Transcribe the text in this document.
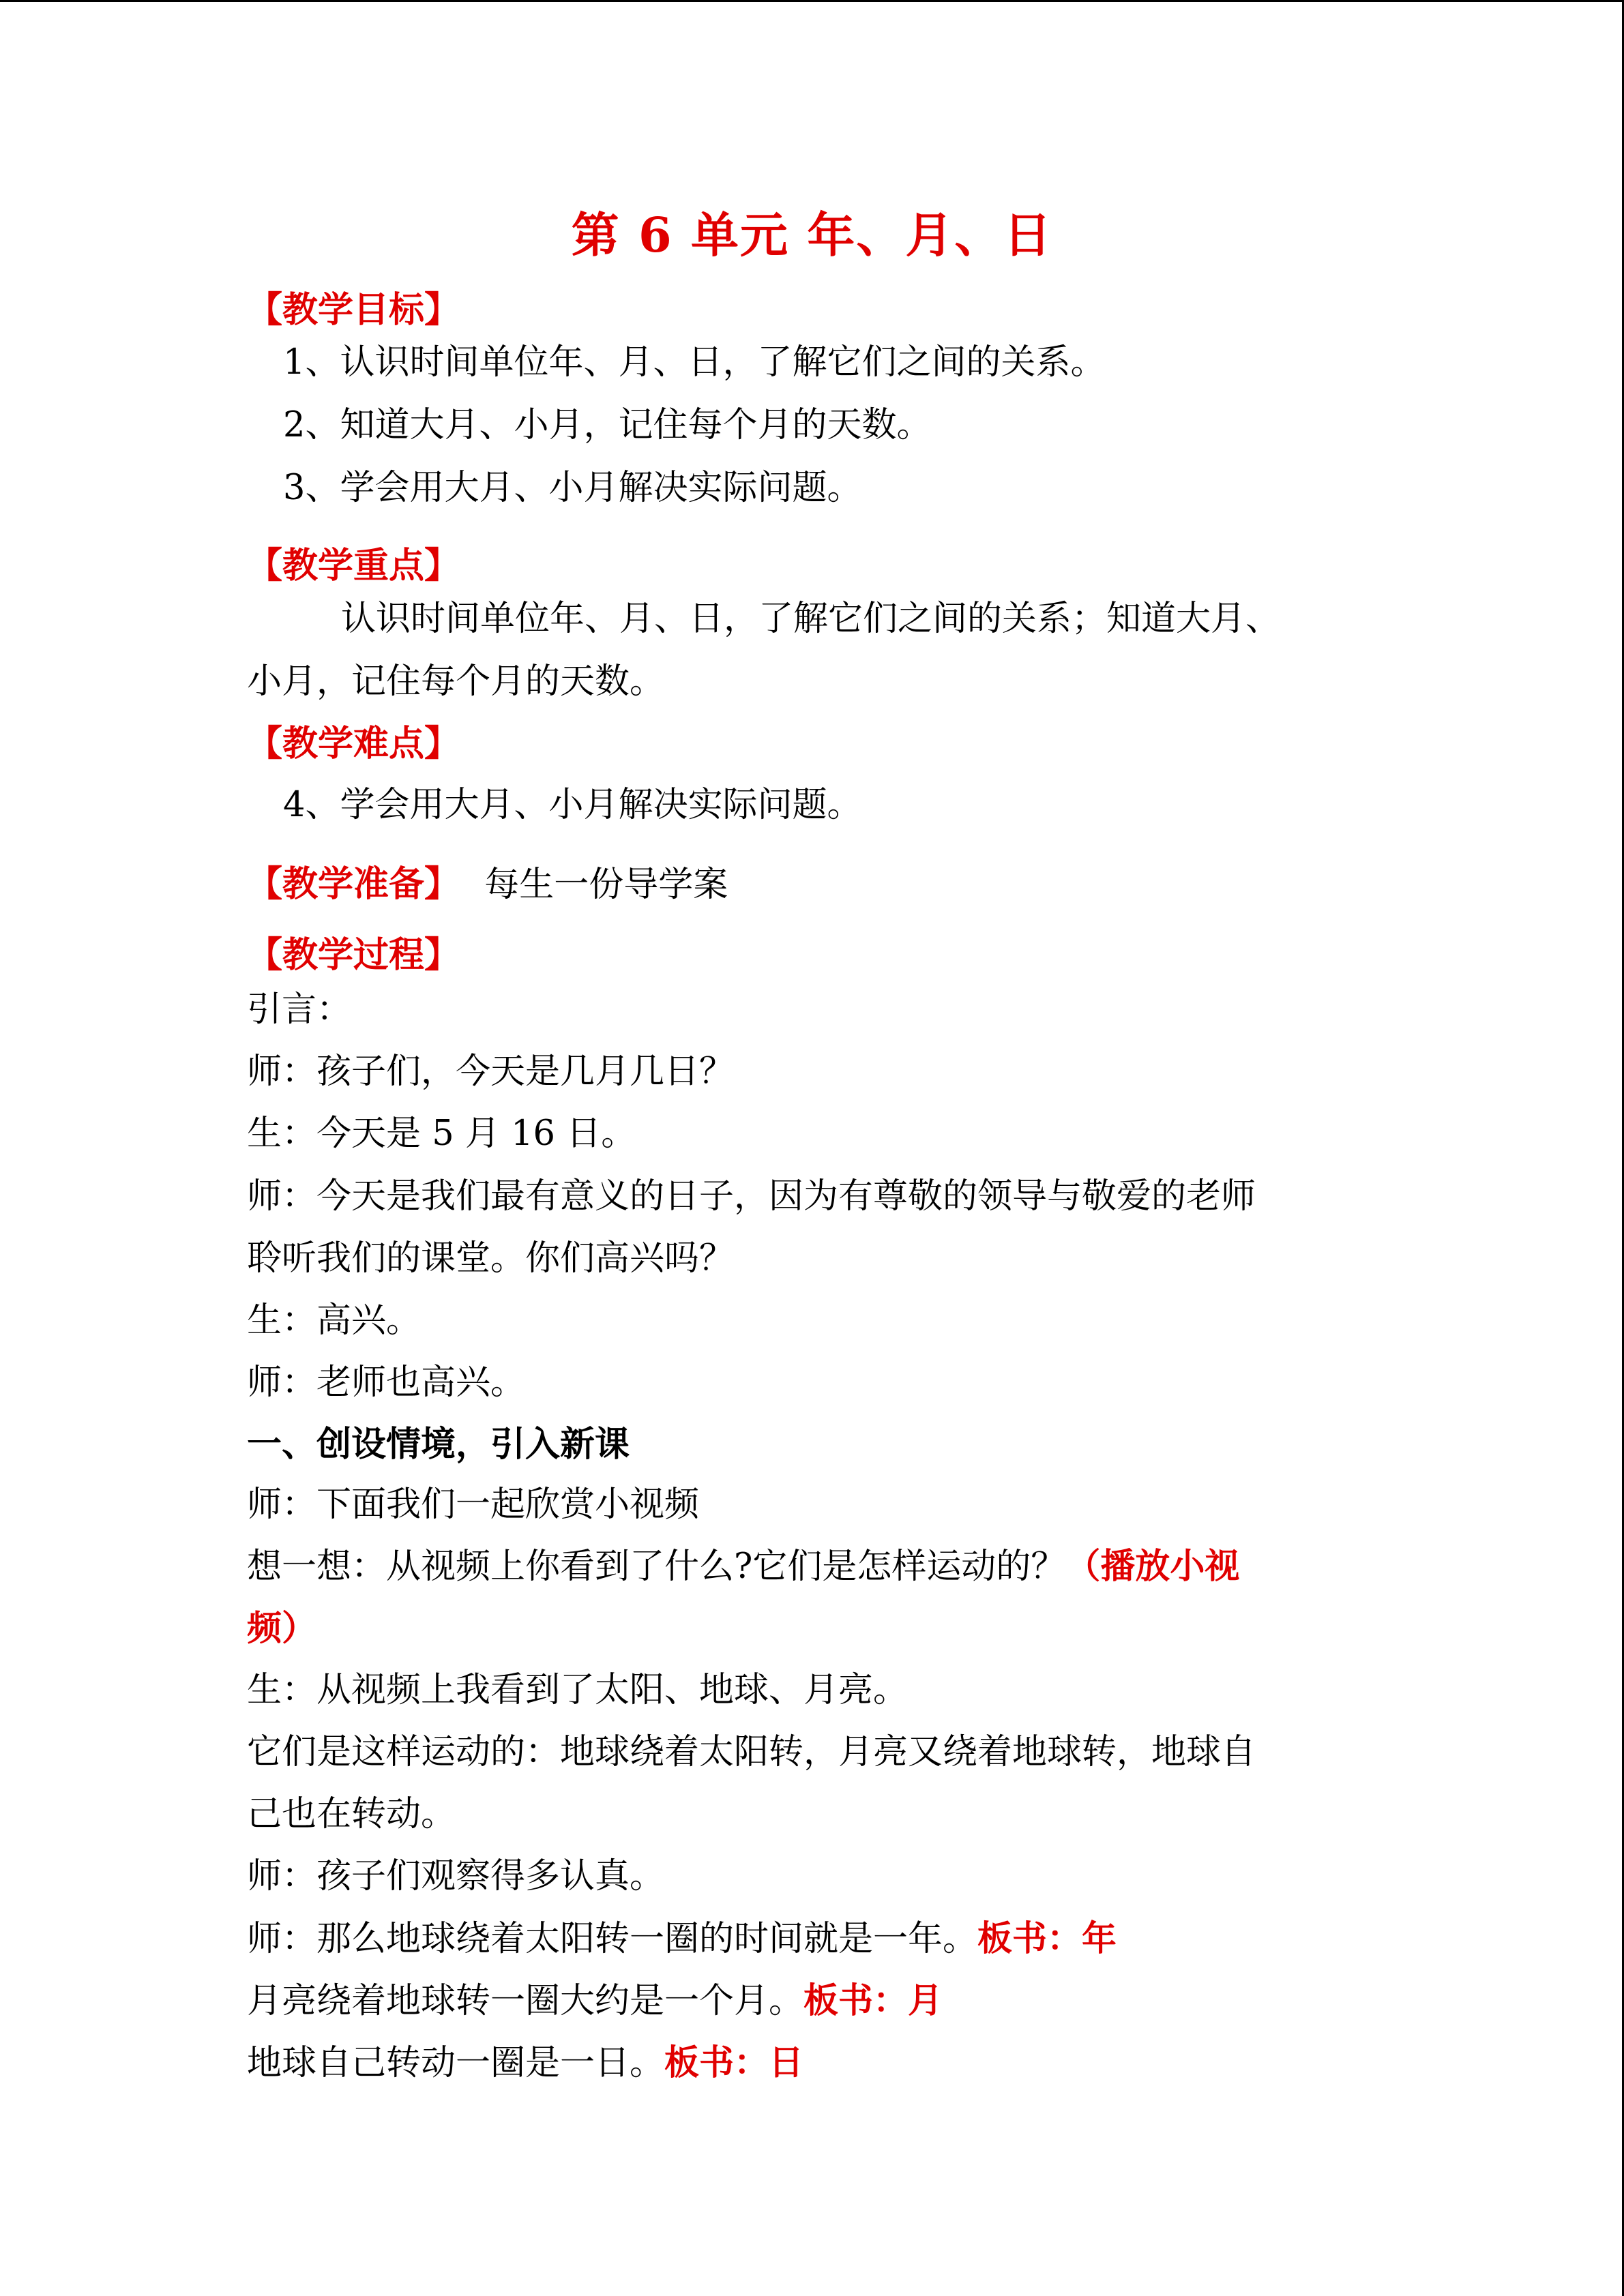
第 6 单元 年、月、日
【教学目标】
1、认识时间单位年、月、日，了解它们之间的关系。
2、知道大月、小月，记住每个月的天数。
3、学会用大月、小月解决实际问题。
【教学重点】
认识时间单位年、月、日，了解它们之间的关系；知道大月、
小月，记住每个月的天数。
【教学难点】
4、学会用大月、小月解决实际问题。
【教学准备】 每生一份导学案
【教学过程】
引言：
师：孩子们，今天是几月几日？
生：今天是 5 月 16 日。
师：今天是我们最有意义的日子，因为有尊敬的领导与敬爱的老师
聆听我们的课堂。你们高兴吗？
生：高兴。
师：老师也高兴。
一、创设情境，引入新课
师：下面我们一起欣赏小视频
想一想：从视频上你看到了什么?它们是怎样运动的？（播放小视
频）
生：从视频上我看到了太阳、地球、月亮。
它们是这样运动的：地球绕着太阳转，月亮又绕着地球转，地球自
己也在转动。
师：孩子们观察得多认真。
师：那么地球绕着太阳转一圈的时间就是一年。板书：年
月亮绕着地球转一圈大约是一个月。板书：月
地球自己转动一圈是一日。板书：日
